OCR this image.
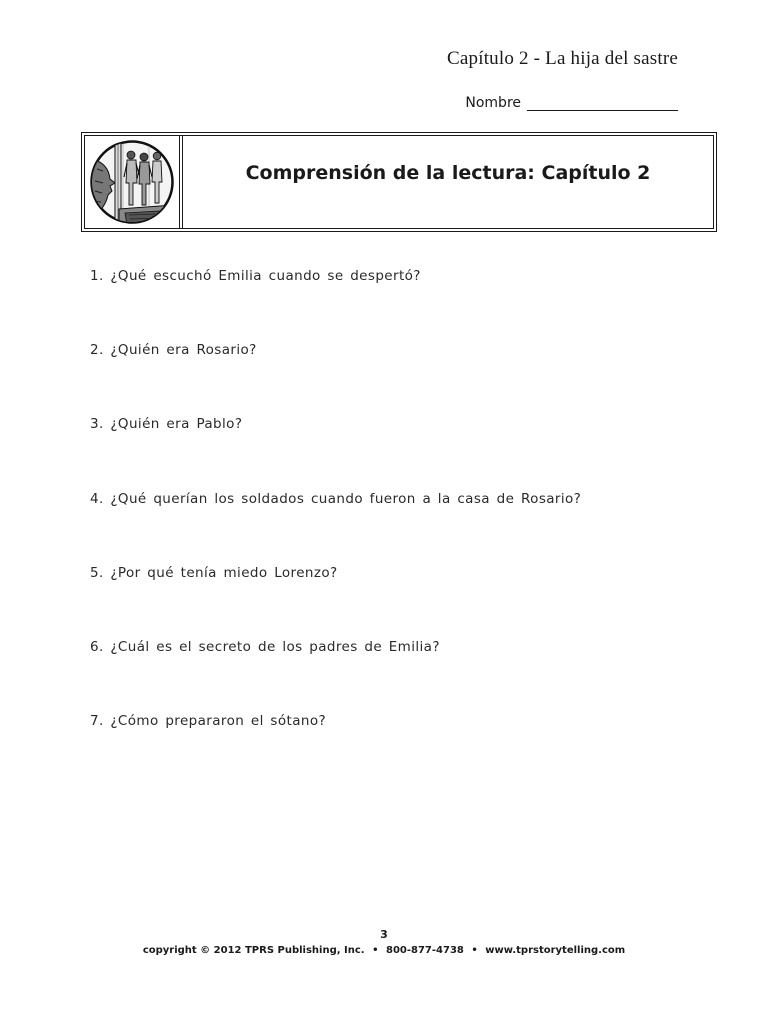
Capítulo 2 - La hija del sastre
Nombre
Comprensión de la lectura: Capítulo 2
1. ¿Qué escuchó Emilia cuando se despertó?
2. ¿Quién era Rosario?
3. ¿Quién era Pablo?
4. ¿Qué querían los soldados cuando fueron a la casa de Rosario?
5. ¿Por qué tenía miedo Lorenzo?
6. ¿Cuál es el secreto de los padres de Emilia?
7. ¿Cómo prepararon el sótano?
3
copyright © 2012 TPRS Publishing, Inc. • 800-877-4738 • www.tprstorytelling.com
